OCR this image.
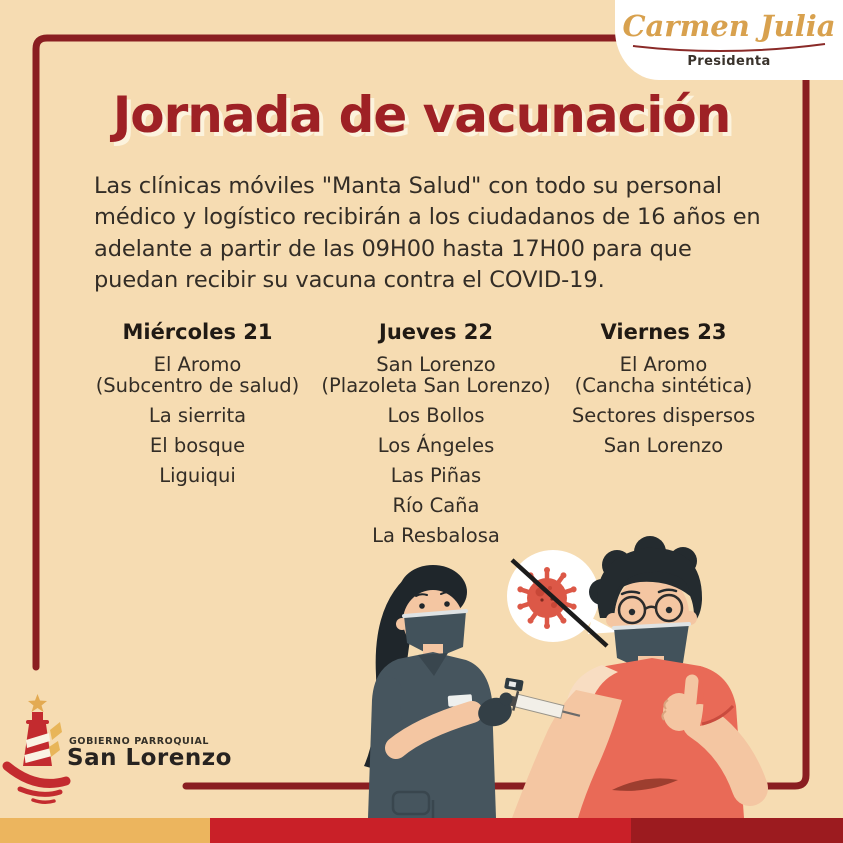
Carmen Julia
Presidenta
Jornada de vacunación
Las clínicas móviles "Manta Salud" con todo su personal médico y logístico recibirán a los ciudadanos de 16 años en adelante a partir de las 09H00 hasta 17H00 para que puedan recibir su vacuna contra el COVID-19.
Miércoles 21
El Aromo
(Subcentro de salud)
La sierrita
El bosque
Liguiqui
Jueves 22
San Lorenzo
(Plazoleta San Lorenzo)
Los Bollos
Los Ángeles
Las Piñas
Río Caña
La Resbalosa
Viernes 23
El Aromo
(Cancha sintética)
Sectores dispersos
San Lorenzo
GOBIERNO PARROQUIAL
San Lorenzo
